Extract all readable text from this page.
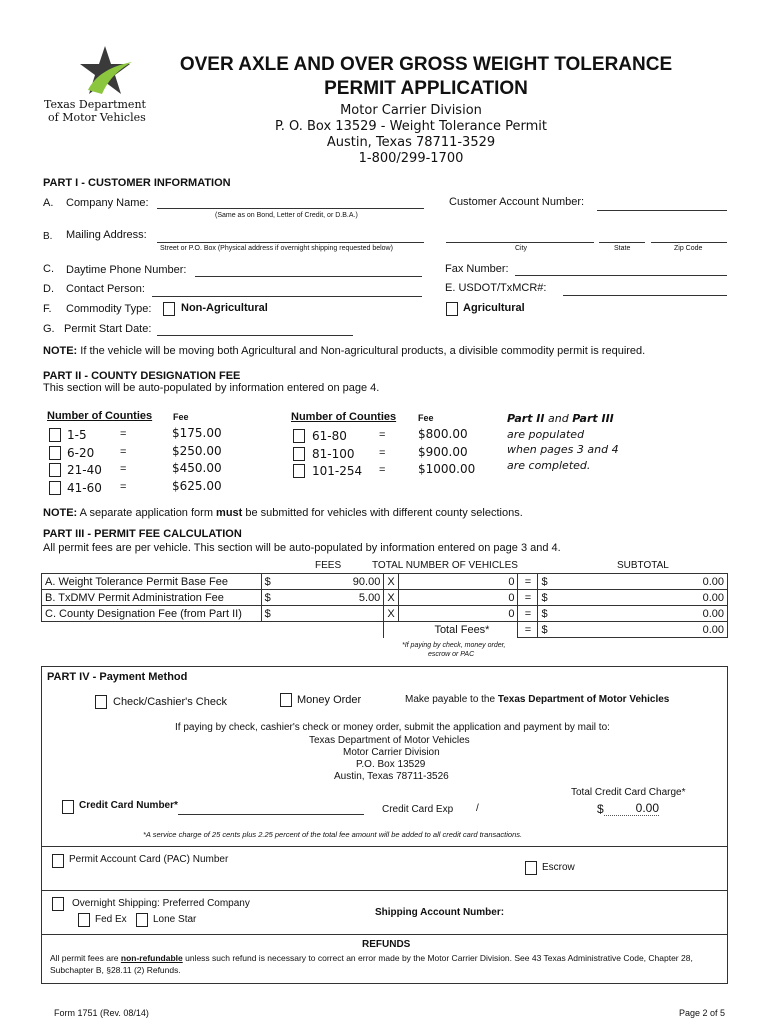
Texas Department
of Motor Vehicles
OVER AXLE AND OVER GROSS WEIGHT TOLERANCE
PERMIT APPLICATION
Motor Carrier Division
P. O. Box 13529 - Weight Tolerance Permit
Austin, Texas 78711-3529
1-800/299-1700
PART I - CUSTOMER INFORMATION
A. Company Name:
(Same as on Bond, Letter of Credit, or D.B.A.)
Customer Account Number:
B. Mailing Address:
Street or P.O. Box (Physical address if overnight shipping requested below)	City	State	Zip Code
C. Daytime Phone Number:	Fax Number:
D. Contact Person:	E. USDOT/TxMCR#:
F. Commodity Type:	Non-Agricultural	Agricultural
G. Permit Start Date:
NOTE: If the vehicle will be moving both Agricultural and Non-agricultural products, a divisible commodity permit is required.
PART II - COUNTY DESIGNATION FEE
This section will be auto-populated by information entered on page 4.
Number of Counties Fee	Number of Counties Fee
1-5	=	$175.00
6-20 =	$250.00
21-40 =	$450.00
41-60 =	$625.00
61-80	=	$800.00
81-100 =	$900.00
101-254 =	$1000.00
Part II and Part III
are populated
when pages 3 and 4
are completed.
NOTE: A separate application form must be submitted for vehicles with different county selections.
PART III - PERMIT FEE CALCULATION
All permit fees are per vehicle. This section will be auto-populated by information entered on page 3 and 4.
FEES	TOTAL NUMBER OF VEHICLES	SUBTOTAL
A. Weight Tolerance Permit Base Fee	$ 90.00	X	0	=	$ 0.00

B. TxDMV Permit Administration Fee	$ 5.00	X	0	=	$ 0.00

C. County Designation Fee (from Part II)	$	X	0	=	$ 0.00

			Total Fees*	=	$ 0.00
*If paying by check, money order,
escrow or PAC
PART IV - Payment Method
Check/Cashier's Check	Money Order	Make payable to the Texas Department of Motor Vehicles
If paying by check, cashier's check or money order, submit the application and payment by mail to:
Texas Department of Motor Vehicles
Motor Carrier Division
P.O. Box 13529
Austin, Texas 78711-3526
Total Credit Card Charge*
$	0.00
Credit Card Number*	Credit Card Exp /
*A service charge of 25 cents plus 2.25 percent of the total fee amount will be added to all credit card transactions.
Permit Account Card (PAC) Number
Escrow
Overnight Shipping: Preferred Company
Fed Ex	Lone Star
Shipping Account Number:
REFUNDS
All permit fees are non-refundable unless such refund is necessary to correct an error made by the Motor Carrier Division. See 43 Texas Administrative Code, Chapter 28,
Subchapter B, §28.11 (2) Refunds.
Form 1751 (Rev. 08/14)	Page 2 of 5
